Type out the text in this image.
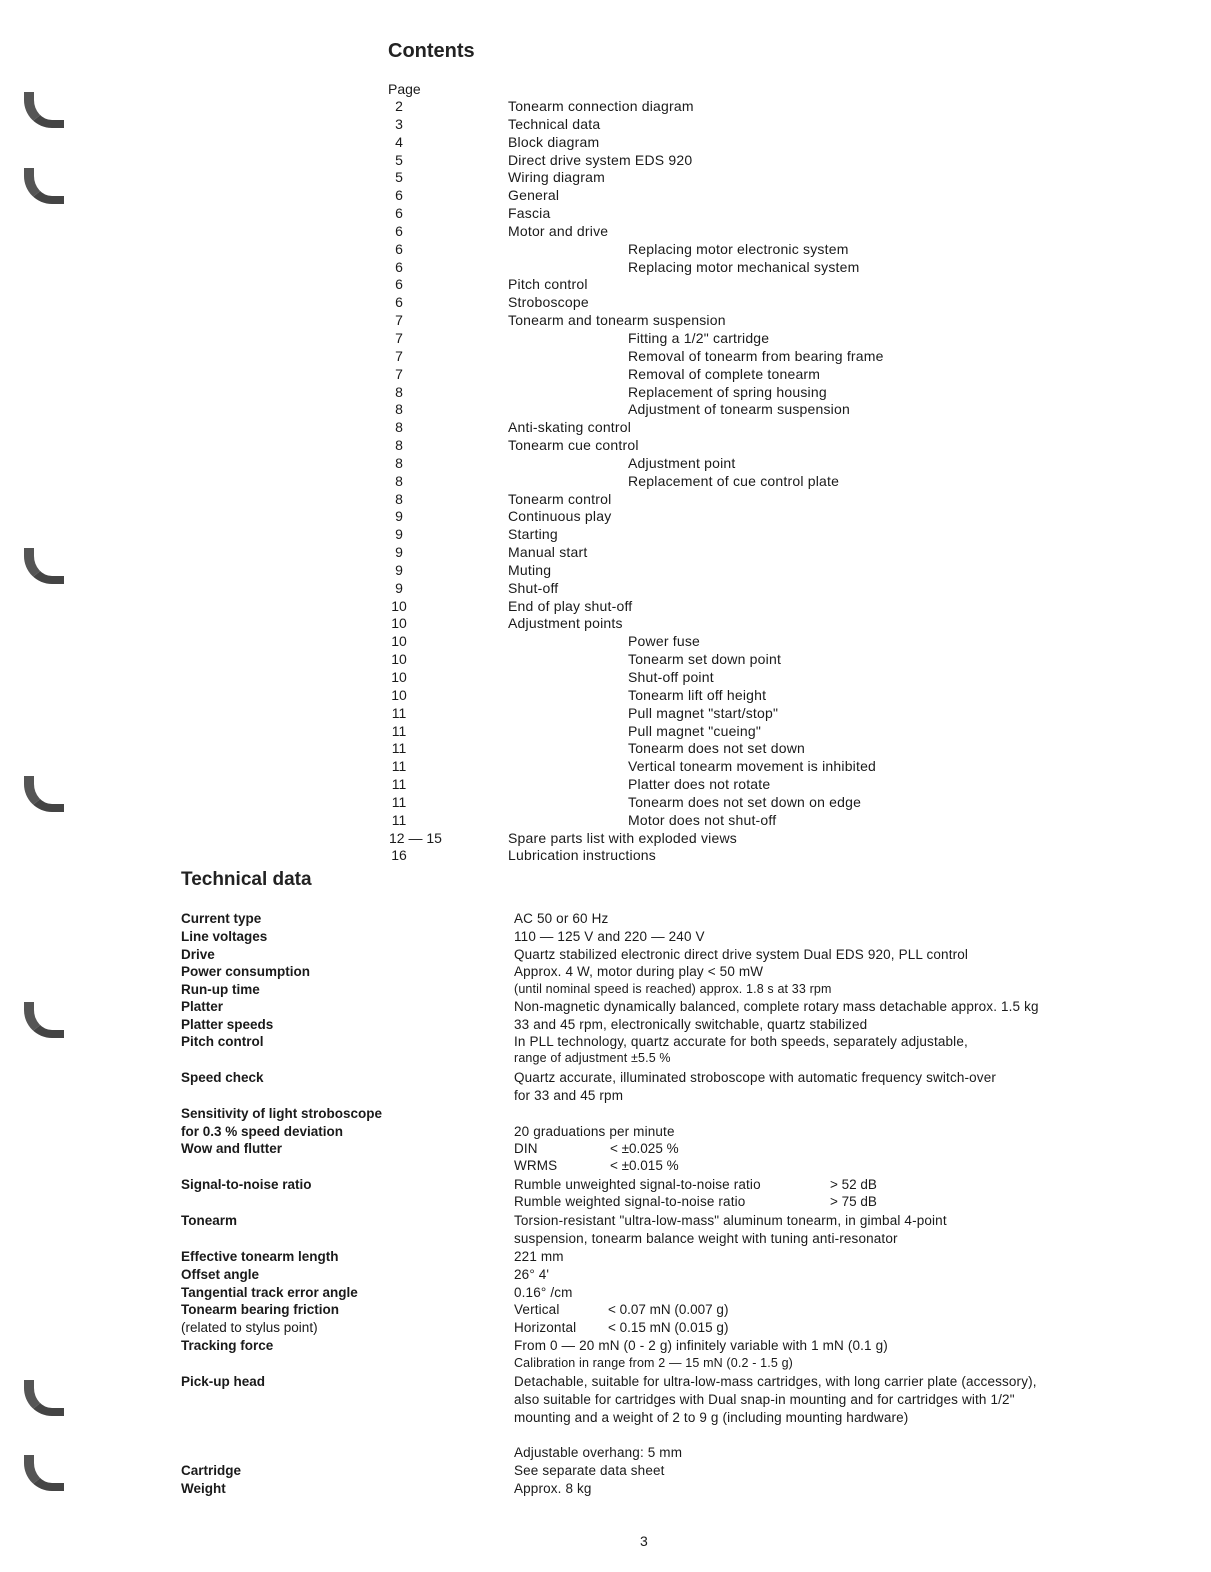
Contents
Page
2	Tonearm connection diagram
3	Technical data
4	Block diagram
5	Direct drive system EDS 920
5	Wiring diagram
6	General
6	Fascia
6	Motor and drive
6	Replacing motor electronic system
6	Replacing motor mechanical system
6	Pitch control
6	Stroboscope
7	Tonearm and tonearm suspension
7	Fitting a 1/2" cartridge
7	Removal of tonearm from bearing frame
7	Removal of complete tonearm
8	Replacement of spring housing
8	Adjustment of tonearm suspension
8	Anti-skating control
8	Tonearm cue control
8	Adjustment point
8	Replacement of cue control plate
8	Tonearm control
9	Continuous play
9	Starting
9	Manual start
9	Muting
9	Shut-off
10	End of play shut-off
10	Adjustment points
10	Power fuse
10	Tonearm set down point
10	Shut-off point
10	Tonearm lift off height
11	Pull magnet "start/stop"
11	Pull magnet "cueing"
11	Tonearm does not set down
11	Vertical tonearm movement is inhibited
11	Platter does not rotate
11	Tonearm does not set down on edge
11	Motor does not shut-off
12 — 15	Spare parts list with exploded views
16	Lubrication instructions
Technical data
Current type	AC 50 or 60 Hz
Line voltages	110 — 125 V and 220 — 240 V
Drive	Quartz stabilized electronic direct drive system Dual EDS 920, PLL control
Power consumption	Approx. 4 W, motor during play < 50 mW
Run-up time	(until nominal speed is reached) approx. 1.8 s at 33 rpm
Platter	Non-magnetic dynamically balanced, complete rotary mass detachable approx. 1.5 kg
Platter speeds	33 and 45 rpm, electronically switchable, quartz stabilized
Pitch control	In PLL technology, quartz accurate for both speeds, separately adjustable,
range of adjustment ±5.5 %
Speed check	Quartz accurate, illuminated stroboscope with automatic frequency switch-over
for 33 and 45 rpm
Sensitivity of light stroboscope
for 0.3 % speed deviation	20 graduations per minute
Wow and flutter	DIN	< ±0.025 %
WRMS	< ±0.015 %
Signal-to-noise ratio	Rumble unweighted signal-to-noise ratio	> 52 dB
Rumble weighted signal-to-noise ratio	> 75 dB
Tonearm	Torsion-resistant "ultra-low-mass" aluminum tonearm, in gimbal 4-point
suspension, tonearm balance weight with tuning anti-resonator
Effective tonearm length	221 mm
Offset angle	26° 4'
Tangential track error angle	0.16° /cm
Tonearm bearing friction	Vertical	< 0.07 mN (0.007 g)
(related to stylus point)	Horizontal < 0.15 mN (0.015 g)
Tracking force	From 0 — 20 mN (0 - 2 g) infinitely variable with 1 mN (0.1 g)
Calibration in range from 2 — 15 mN (0.2 - 1.5 g)
Pick-up head	Detachable, suitable for ultra-low-mass cartridges, with long carrier plate (accessory),
also suitable for cartridges with Dual snap-in mounting and for cartridges with 1/2"
mounting and a weight of 2 to 9 g (including mounting hardware)
Adjustable overhang: 5 mm
Cartridge	See separate data sheet
Weight	Approx. 8 kg
3
